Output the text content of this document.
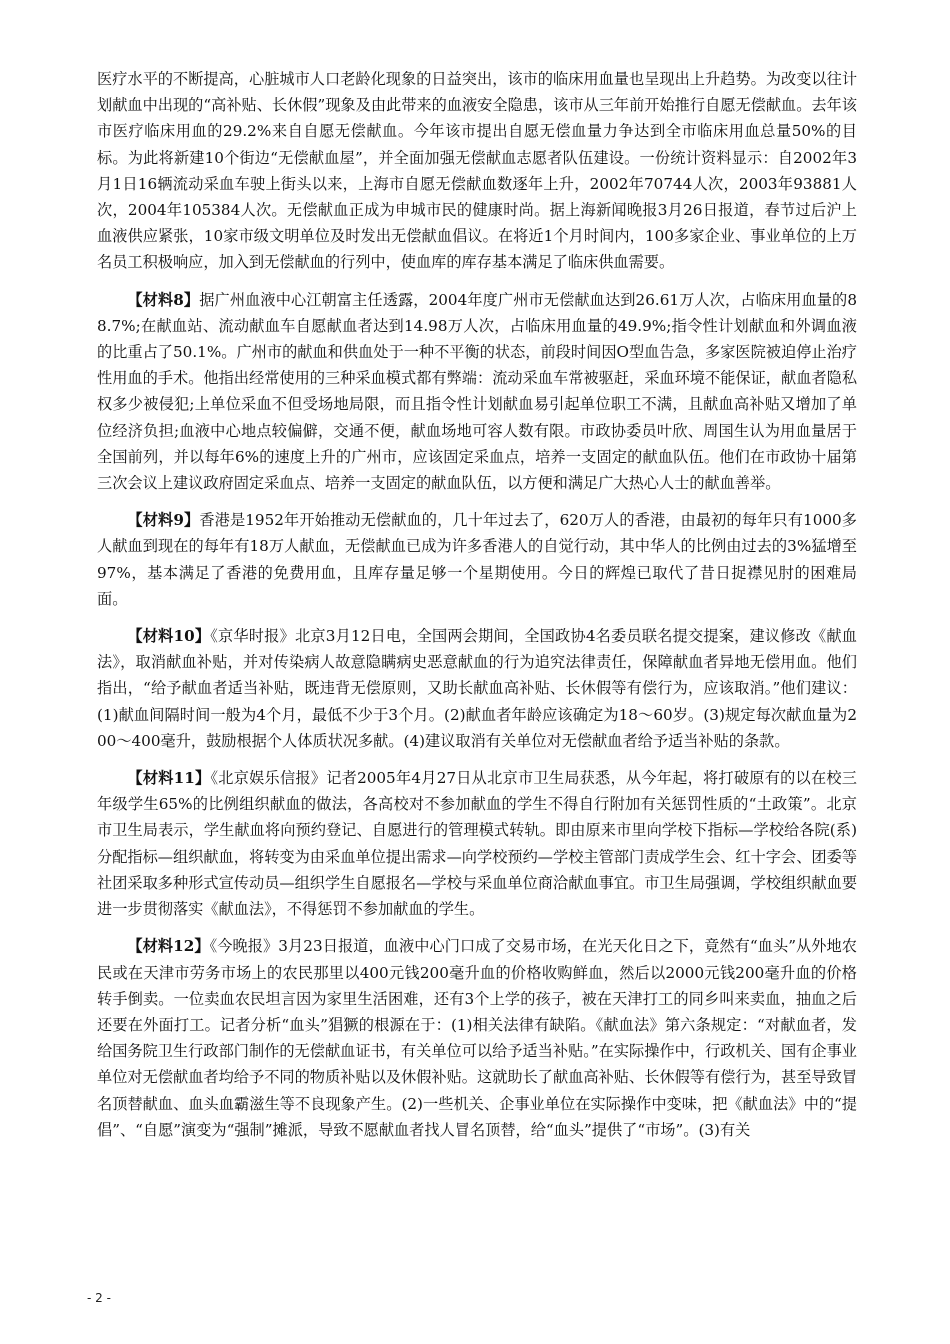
医疗水平的不断提高，心脏城市人口老龄化现象的日益突出，该市的临床用血量也呈现出上升趋势。为改变以往计划献血中出现的“高补贴、长休假”现象及由此带来的血液安全隐患，该市从三年前开始推行自愿无偿献血。去年该市医疗临床用血的29.2%来自自愿无偿献血。今年该市提出自愿无偿血量力争达到全市临床用血总量50%的目标。为此将新建10个街边“无偿献血屋”，并全面加强无偿献血志愿者队伍建设。一份统计资料显示：自2002年3月1日16辆流动采血车驶上街头以来，上海市自愿无偿献血数逐年上升，2002年70744人次，2003年93881人次，2004年105384人次。无偿献血正成为申城市民的健康时尚。据上海新闻晚报3月26日报道，春节过后沪上血液供应紧张，10家市级文明单位及时发出无偿献血倡议。在将近1个月时间内，100多家企业、事业单位的上万名员工积极响应，加入到无偿献血的行列中，使血库的库存基本满足了临床供血需要。

【材料8】据广州血液中心江朝富主任透露，2004年度广州市无偿献血达到26.61万人次，占临床用血量的88.7%;在献血站、流动献血车自愿献血者达到14.98万人次，占临床用血量的49.9%;指令性计划献血和外调血液的比重占了50.1%。广州市的献血和供血处于一种不平衡的状态，前段时间因O型血告急，多家医院被迫停止治疗性用血的手术。他指出经常使用的三种采血模式都有弊端：流动采血车常被驱赶，采血环境不能保证，献血者隐私权多少被侵犯;上单位采血不但受场地局限，而且指令性计划献血易引起单位职工不满，且献血高补贴又增加了单位经济负担;血液中心地点较偏僻，交通不便，献血场地可容人数有限。市政协委员叶欣、周国生认为用血量居于全国前列，并以每年6%的速度上升的广州市，应该固定采血点，培养一支固定的献血队伍。他们在市政协十届第三次会议上建议政府固定采血点、培养一支固定的献血队伍，以方便和满足广大热心人士的献血善举。

【材料9】香港是1952年开始推动无偿献血的，几十年过去了，620万人的香港，由最初的每年只有1000多人献血到现在的每年有18万人献血，无偿献血已成为许多香港人的自觉行动，其中华人的比例由过去的3%猛增至97%，基本满足了香港的免费用血，且库存量足够一个星期使用。今日的辉煌已取代了昔日捉襟见肘的困难局面。

【材料10】《京华时报》北京3月12日电，全国两会期间，全国政协4名委员联名提交提案，建议修改《献血法》，取消献血补贴，并对传染病人故意隐瞒病史恶意献血的行为追究法律责任，保障献血者异地无偿用血。他们指出，“给予献血者适当补贴，既违背无偿原则，又助长献血高补贴、长休假等有偿行为，应该取消。”他们建议：(1)献血间隔时间一般为4个月，最低不少于3个月。(2)献血者年龄应该确定为18～60岁。(3)规定每次献血量为200～400毫升，鼓励根据个人体质状况多献。(4)建议取消有关单位对无偿献血者给予适当补贴的条款。

【材料11】《北京娱乐信报》记者2005年4月27日从北京市卫生局获悉，从今年起，将打破原有的以在校三年级学生65%的比例组织献血的做法，各高校对不参加献血的学生不得自行附加有关惩罚性质的“土政策”。北京市卫生局表示，学生献血将向预约登记、自愿进行的管理模式转轨。即由原来市里向学校下指标—学校给各院(系)分配指标—组织献血，将转变为由采血单位提出需求—向学校预约—学校主管部门责成学生会、红十字会、团委等社团采取多种形式宣传动员—组织学生自愿报名—学校与采血单位商洽献血事宜。市卫生局强调，学校组织献血要进一步贯彻落实《献血法》，不得惩罚不参加献血的学生。

【材料12】《今晚报》3月23日报道，血液中心门口成了交易市场，在光天化日之下，竟然有“血头”从外地农民或在天津市劳务市场上的农民那里以400元钱200毫升血的价格收购鲜血，然后以2000元钱200毫升血的价格转手倒卖。一位卖血农民坦言因为家里生活困难，还有3个上学的孩子，被在天津打工的同乡叫来卖血，抽血之后还要在外面打工。记者分析“血头”猖獗的根源在于：(1)相关法律有缺陷。《献血法》第六条规定：“对献血者，发给国务院卫生行政部门制作的无偿献血证书，有关单位可以给予适当补贴。”在实际操作中，行政机关、国有企事业单位对无偿献血者均给予不同的物质补贴以及休假补贴。这就助长了献血高补贴、长休假等有偿行为，甚至导致冒名顶替献血、血头血霸滋生等不良现象产生。(2)一些机关、企事业单位在实际操作中变味，把《献血法》中的“提倡”、“自愿”演变为“强制”摊派，导致不愿献血者找人冒名顶替，给“血头”提供了“市场”。(3)有关

- 2 -
